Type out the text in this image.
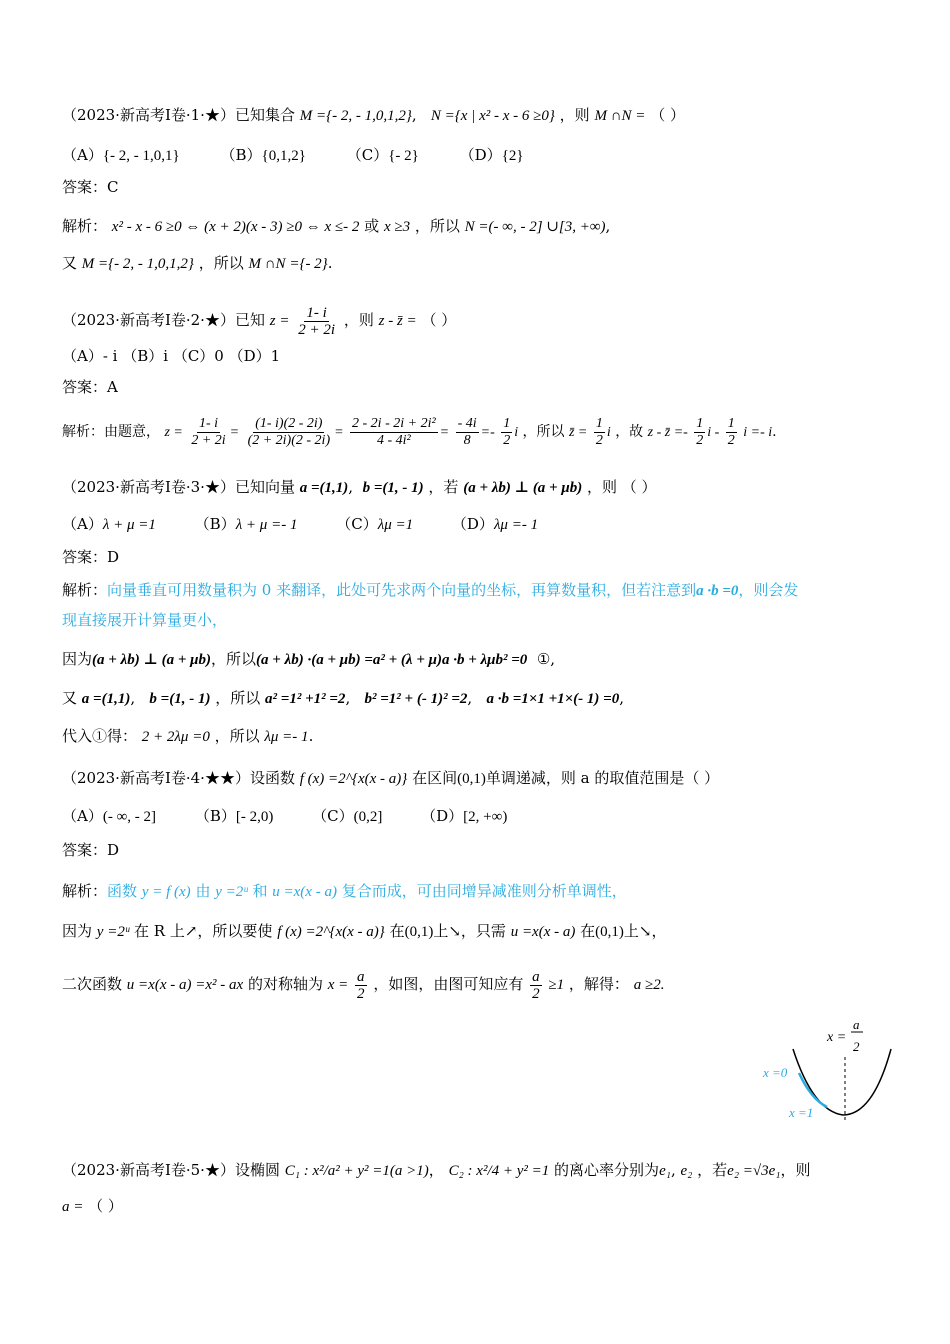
（2023·新高考Ⅰ卷·1·★）已知集合 M ={- 2, - 1,0,1,2},   N ={x | x² - x - 6 ≥0} ，则 M ∩N = （ ）
（A）{- 2, - 1,0,1}	（B）{0,1,2}	（C）{- 2}	（D）{2}
答案：C
解析： x² - x - 6 ≥0 ⇔ (x + 2)(x - 3) ≥0 ⇔ x ≤- 2 或 x ≥3 ，所以 N =(- ∞, - 2] ∪[3, +∞),
又 M ={- 2, - 1,0,1,2} ，所以 M ∩N ={- 2}.
（2023·新高考Ⅰ卷·2·★）已知 $z = \frac{1- i}{2 + 2i}$ ，则 z - z̄ = （ ）
（A）- i （B）i （C）0 （D）1
答案：A
解析：由题意， $z = \frac{1- i}{2 + 2i} = \frac{(1- i)(2 - 2i)}{(2 + 2i)(2 - 2i)} = \frac{\text{2 - 2i - 2i + 2i²}}{\text{4 - 4i²}} = \frac{- 4i}{8} =- \frac{1}{2}$ i ，所以 z̄ = $\frac{1}{2}$ i ，故 z - z̄ =- $\frac{1}{2}$ i - $\frac{1}{2}$ i =- i.
（2023·新高考Ⅰ卷·3·★）已知向量 a =(1,1),  b =(1, - 1) ，若 (a + λb) ⊥ (a + μb) ，则 （ ）
（A）λ + μ =1	（B）λ + μ =- 1	（C）λμ =1	（D）λμ =- 1
答案：D
解析：向量垂直可用数量积为 0 来翻译，此处可先求两个向量的坐标，再算数量积，但若注意到a ·b =0，则会发
现直接展开计算量更小，
因为(a + λb) ⊥ (a + μb)，所以(a + λb) ·(a + μb) =a² + (λ + μ)a ·b + λμb² =0 ①,
又 a =(1,1),   b =(1, - 1) ，所以 a² =1² +1² =2,   b² =1² + (- 1)² =2,   a ·b =1×1 +1×(- 1) =0,
代入①得： 2 + 2λμ =0 ，所以 λμ =- 1.
（2023·新高考Ⅰ卷·4·★★）设函数 f (x) =2^{x(x - a)} 在区间(0,1)单调递减，则 a 的取值范围是（ ）
（A）(- ∞, - 2]	（B）[- 2,0)	（C）(0,2]	（D）[2, +∞)
答案：D
解析：函数 y = f (x) 由 y =2ᵘ 和 u =x(x - a) 复合而成，可由同增异减准则分析单调性，
因为 y =2ᵘ 在 R 上↗，所以要使 f (x) =2^{x(x - a)} 在(0,1)上↘，只需 u =x(x - a) 在(0,1)上↘，
二次函数 u =x(x - a) =x² - ax 的对称轴为 $x = \frac{a}{2}$ ，如图，由图可知应有 $\frac{a}{2} \ge 1$ ，解得： a ≥2.
x =
a
2
x =0
x =1
（2023·新高考Ⅰ卷·5·★）设椭圆 C₁ : x²/a² + y² =1(a >1)， C₂ : x²/4 + y² =1 的离心率分别为e₁, e₂ ，若e₂ =√3e₁，则
a = （ ）
